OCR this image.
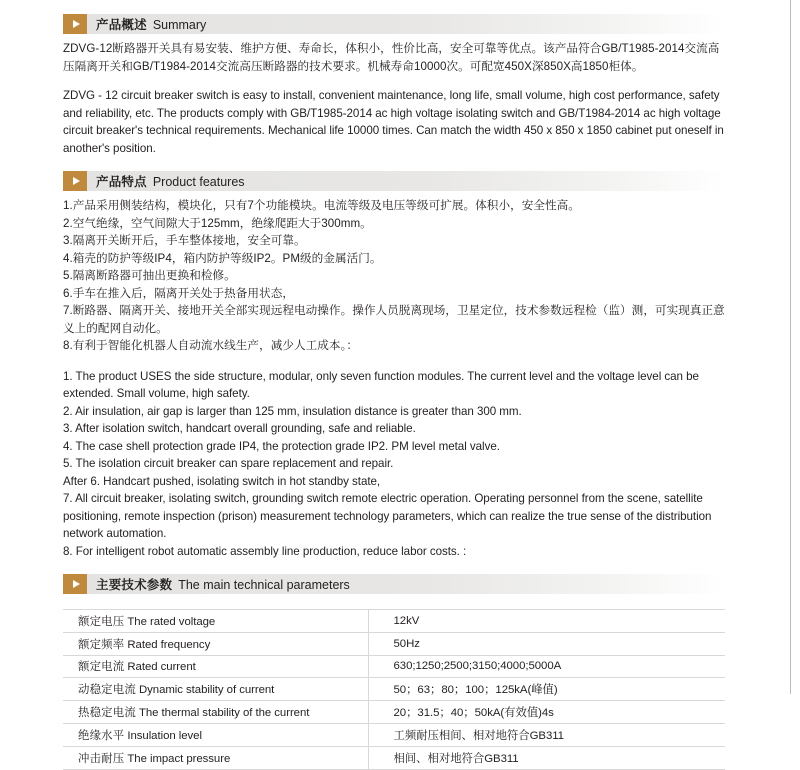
产品概述 Summary

ZDVG-12断路器开关具有易安装、维护方便、寿命长，体积小，性价比高，安全可靠等优点。该产品符合GB/T1985-2014交流高压隔离开关和GB/T1984-2014交流高压断路器的技术要求。机械寿命10000次。可配宽450X深850X高1850柜体。

ZDVG - 12 circuit breaker switch is easy to install, convenient maintenance, long life, small volume, high cost performance, safety and reliability, etc. The products comply with GB/T1985-2014 ac high voltage isolating switch and GB/T1984-2014 ac high voltage circuit breaker's technical requirements. Mechanical life 10000 times. Can match the width 450 x 850 x 1850 cabinet put oneself in another's position.

产品特点 Product features
1.产品采用侧装结构，模块化，只有7个功能模块。电流等级及电压等级可扩展。体积小，安全性高。
2.空气绝缘，空气间隙大于125mm，绝缘爬距大于300mm。
3.隔离开关断开后，手车整体接地，安全可靠。
4.箱壳的防护等级IP4，箱内防护等级IP2。PM级的金属活门。
5.隔离断路器可抽出更换和检修。
6.手车在推入后，隔离开关处于热备用状态，
7.断路器、隔离开关、接地开关全部实现远程电动操作。操作人员脱离现场，卫星定位，技术参数远程检（监）测，可实现真正意义上的配网自动化。
8.有利于智能化机器人自动流水线生产，减少人工成本。：
1. The product USES the side structure, modular, only seven function modules. The current level and the voltage level can be extended. Small volume, high safety.
2. Air insulation, air gap is larger than 125 mm, insulation distance is greater than 300 mm.
3. After isolation switch, handcart overall grounding, safe and reliable.
4. The case shell protection grade IP4, the protection grade IP2. PM level metal valve.
5. The isolation circuit breaker can spare replacement and repair.
After 6. Handcart pushed, isolating switch in hot standby state,
7. All circuit breaker, isolating switch, grounding switch remote electric operation. Operating personnel from the scene, satellite positioning, remote inspection (prison) measurement technology parameters, which can realize the true sense of the distribution network automation.
8. For intelligent robot automatic assembly line production, reduce labor costs. :
主要技术参数 The main technical parameters
额定电压 The rated voltage	12kV
额定频率 Rated frequency	50Hz
额定电流 Rated current	630;1250;2500;3150;4000;5000A
动稳定电流 Dynamic stability of current	50；63；80；100；125kA(峰值)
热稳定电流 The thermal stability of the current	20；31.5；40；50kA(有效值)4s
绝缘水平 Insulation level	工频耐压相间、相对地符合GB311
冲击耐压 The impact pressure	相间、相对地符合GB311
